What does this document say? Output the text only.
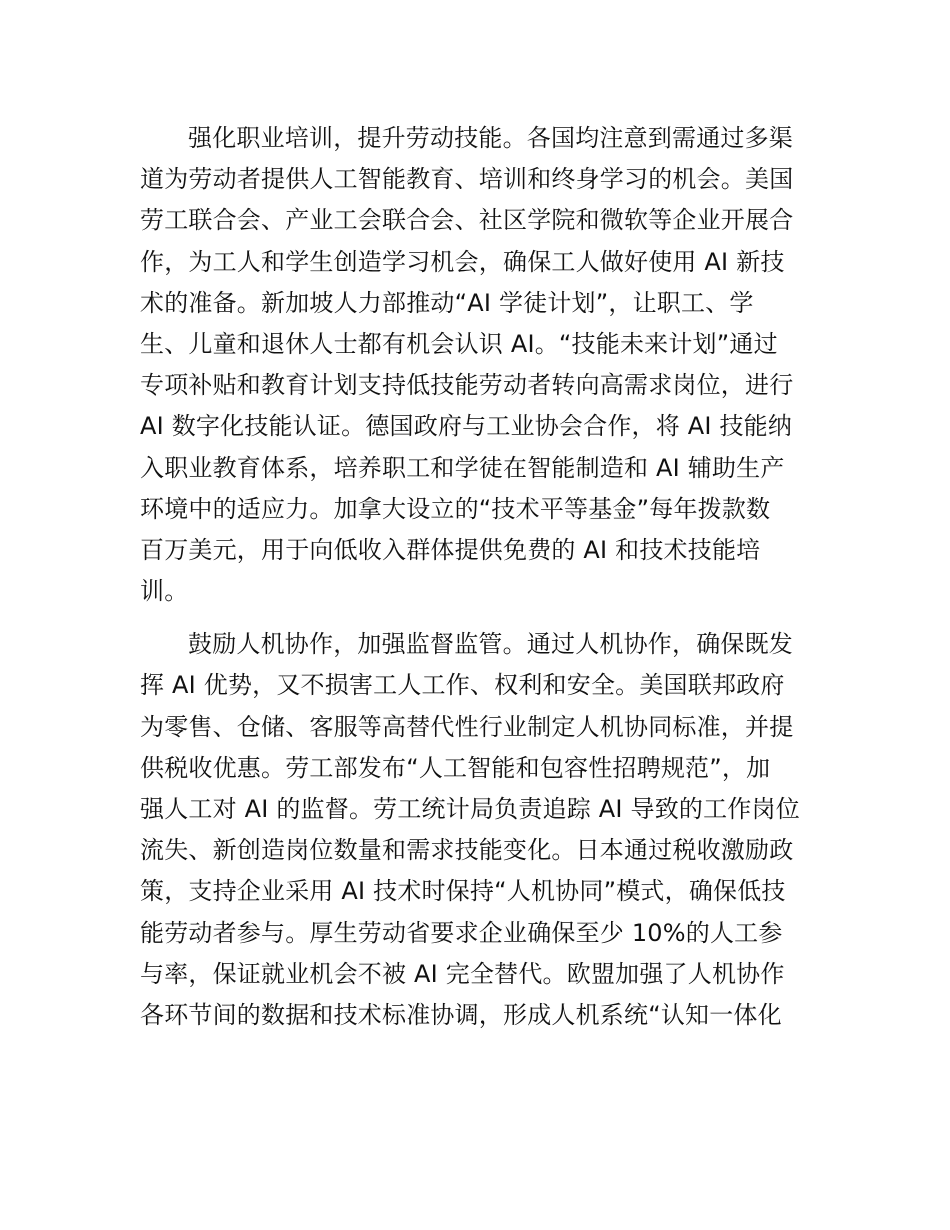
强化职业培训，提升劳动技能。各国均注意到需通过多渠
道为劳动者提供人工智能教育、培训和终身学习的机会。美国
劳工联合会、产业工会联合会、社区学院和微软等企业开展合
作，为工人和学生创造学习机会，确保工人做好使用 AI 新技
术的准备。新加坡人力部推动“AI 学徒计划”，让职工、学
生、儿童和退休人士都有机会认识 AI。“技能未来计划”通过
专项补贴和教育计划支持低技能劳动者转向高需求岗位，进行
AI 数字化技能认证。德国政府与工业协会合作，将 AI 技能纳
入职业教育体系，培养职工和学徒在智能制造和 AI 辅助生产
环境中的适应力。加拿大设立的“技术平等基金”每年拨款数
百万美元，用于向低收入群体提供免费的 AI 和技术技能培
训。
鼓励人机协作，加强监督监管。通过人机协作，确保既发
挥 AI 优势，又不损害工人工作、权利和安全。美国联邦政府
为零售、仓储、客服等高替代性行业制定人机协同标准，并提
供税收优惠。劳工部发布“人工智能和包容性招聘规范”，加
强人工对 AI 的监督。劳工统计局负责追踪 AI 导致的工作岗位
流失、新创造岗位数量和需求技能变化。日本通过税收激励政
策，支持企业采用 AI 技术时保持“人机协同”模式，确保低技
能劳动者参与。厚生劳动省要求企业确保至少 10%的人工参
与率，保证就业机会不被 AI 完全替代。欧盟加强了人机协作
各环节间的数据和技术标准协调，形成人机系统“认知一体化
